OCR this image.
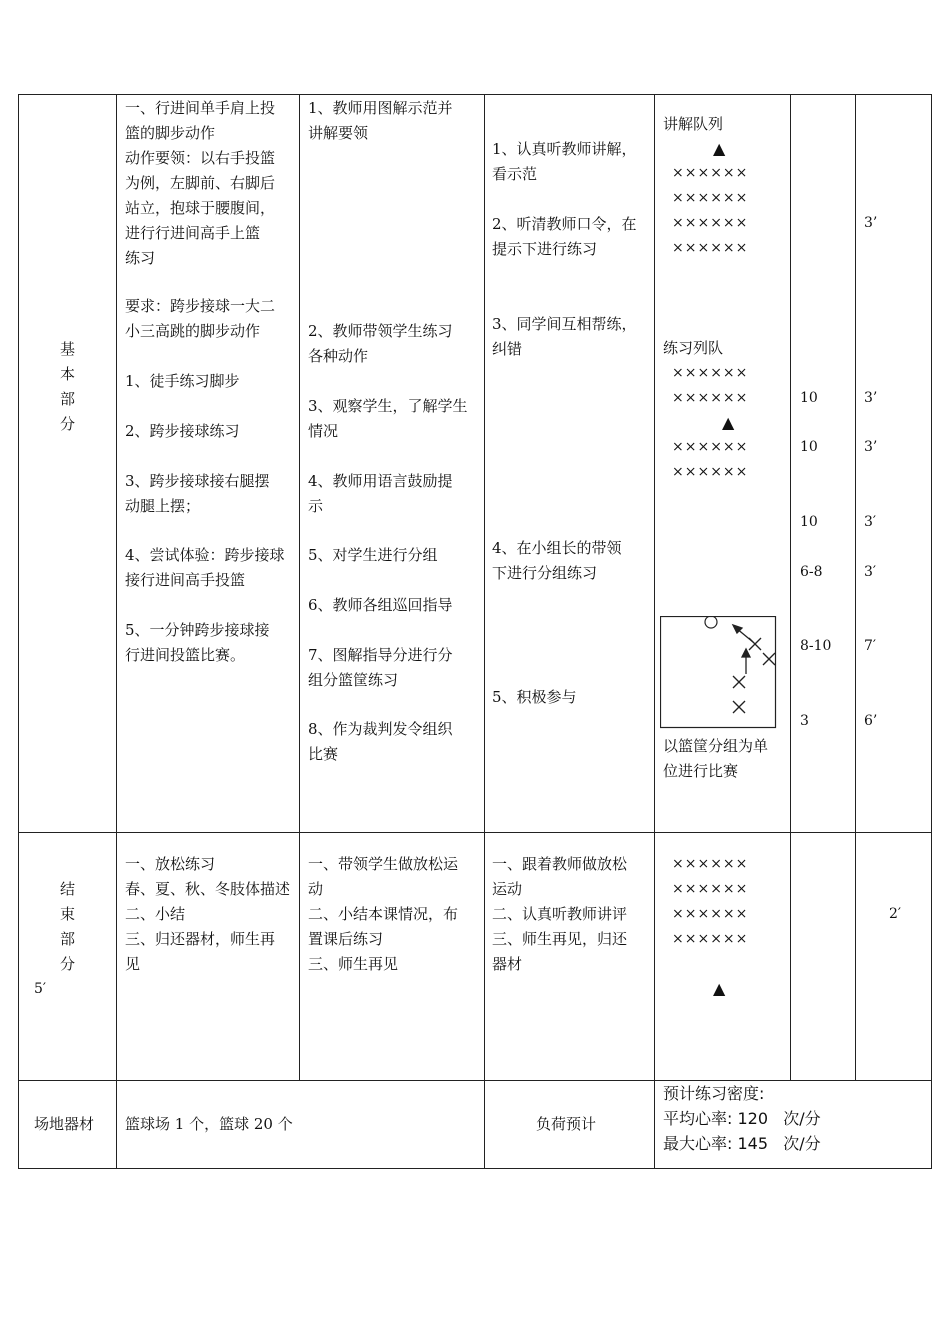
基
本
部
分
一、行进间单手肩上投
篮的脚步动作
动作要领：以右手投篮
为例，左脚前、右脚后
站立，抱球于腰腹间，
进行行进间高手上篮
练习
要求：跨步接球一大二
小三高跳的脚步动作
1、徒手练习脚步
2、跨步接球练习
3、跨步接球接右腿摆
动腿上摆；
4、尝试体验：跨步接球
接行进间高手投篮
5、一分钟跨步接球接
行进间投篮比赛。
1、教师用图解示范并
讲解要领
2、教师带领学生练习
各种动作
3、观察学生，了解学生
情况
4、教师用语言鼓励提
示
5、对学生进行分组
6、教师各组巡回指导
7、图解指导分进行分
组分篮筐练习
8、作为裁判发令组织
比赛
1、认真听教师讲解，
看示范
2、听清教师口令，在
提示下进行练习
3、同学间互相帮练，
纠错
4、在小组长的带领
下进行分组练习
5、积极参与
讲解队列
▲
××××××
××××××
××××××
××××××
练习列队
××××××
××××××
▲
××××××
××××××
以篮筐分组为单
位进行比赛
10
10
10
6-8
8-10
3
3’
3’
3’
3′
3′
7′
6’
结
束
部
分
5′
一、放松练习
春、夏、秋、冬肢体描述
二、小结
三、归还器材，师生再
见
一、带领学生做放松运
动
二、小结本课情况，布
置课后练习
三、师生再见
一、跟着教师做放松
运动
二、认真听教师讲评
三、师生再见，归还
器材
××××××
××××××
××××××
××××××
▲
2′
场地器材 篮球场 1 个，篮球 20 个	负荷预计
预计练习密度:
平均心率: 120   次/分
最大心率: 145   次/分
